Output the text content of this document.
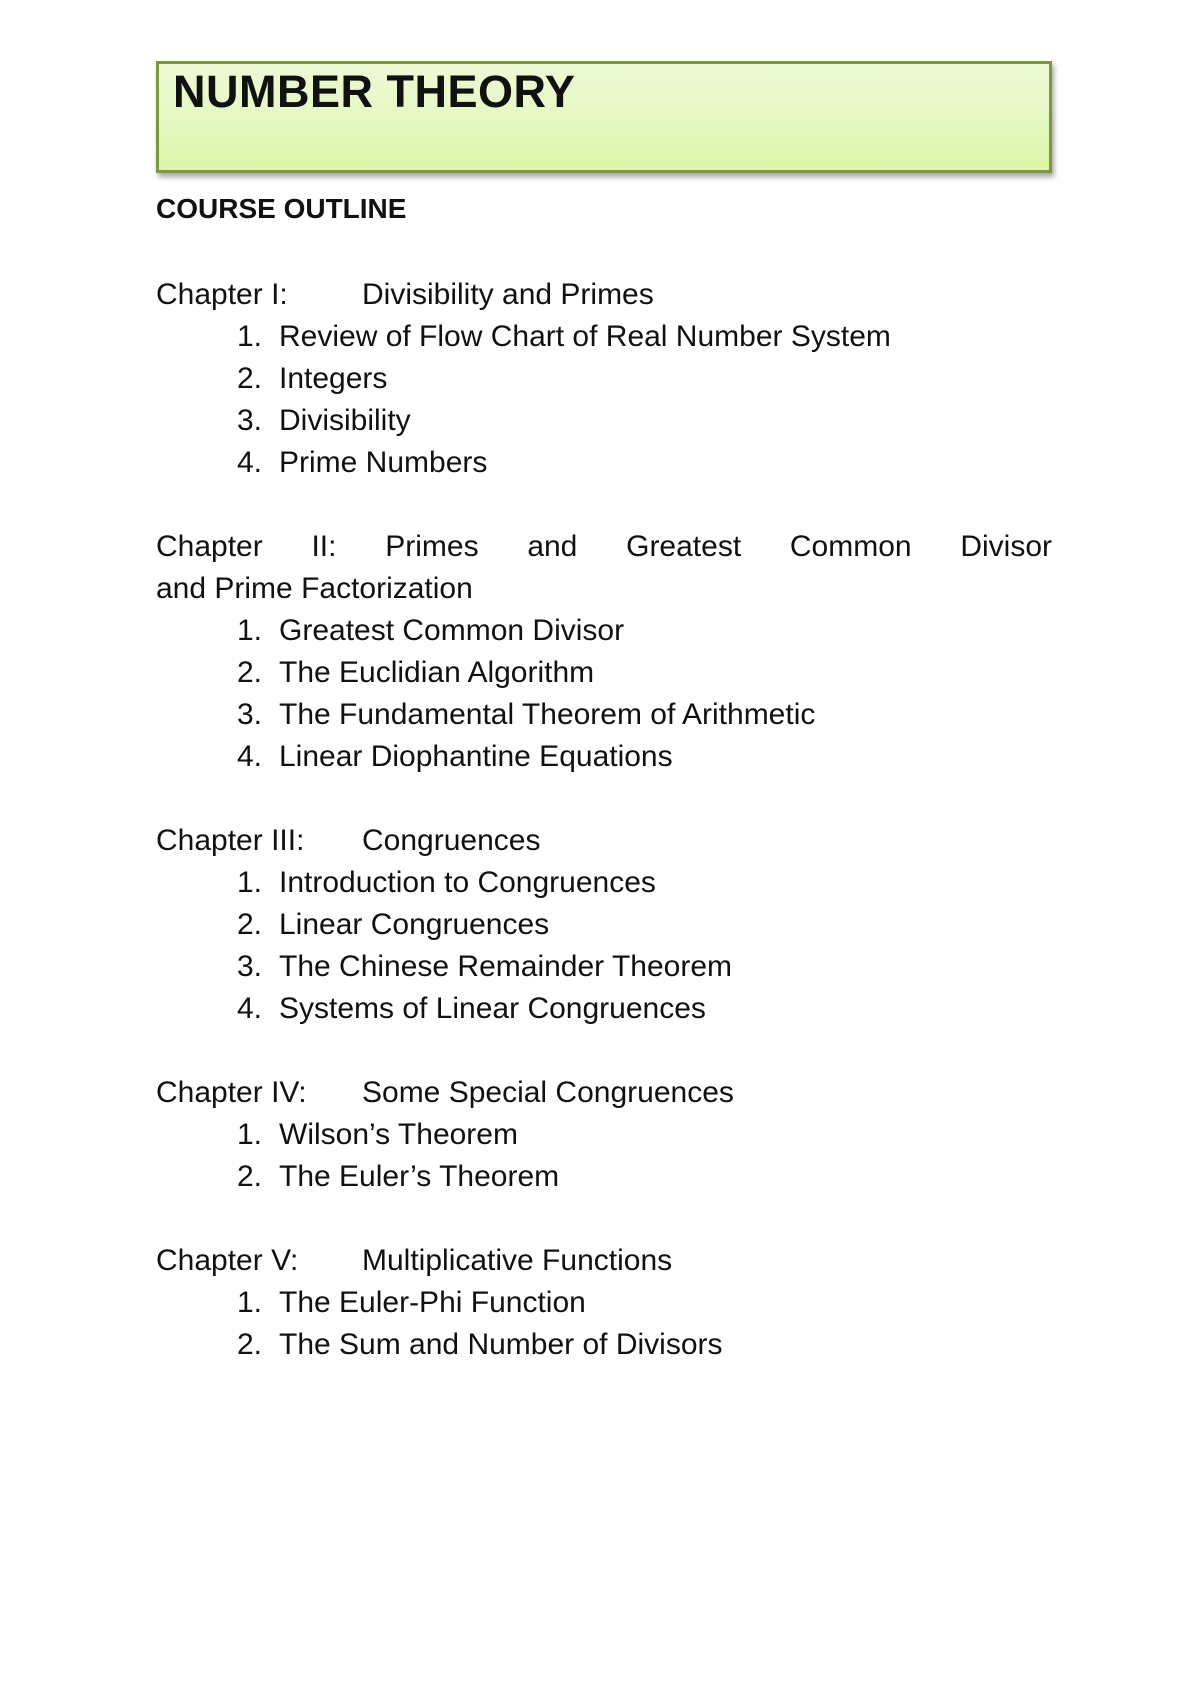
NUMBER THEORY
COURSE OUTLINE
Chapter I:	Divisibility and Primes
1. Review of Flow Chart of Real Number System
2. Integers
3. Divisibility
4. Prime Numbers
Chapter II: Primes and Greatest Common Divisor
and Prime Factorization
1. Greatest Common Divisor
2. The Euclidian Algorithm
3. The Fundamental Theorem of Arithmetic
4. Linear Diophantine Equations
Chapter III:	Congruences
1. Introduction to Congruences
2. Linear Congruences
3. The Chinese Remainder Theorem
4. Systems of Linear Congruences
Chapter IV:	Some Special Congruences
1. Wilson’s Theorem
2. The Euler’s Theorem
Chapter V:	Multiplicative Functions
1. The Euler-Phi Function
2. The Sum and Number of Divisors
